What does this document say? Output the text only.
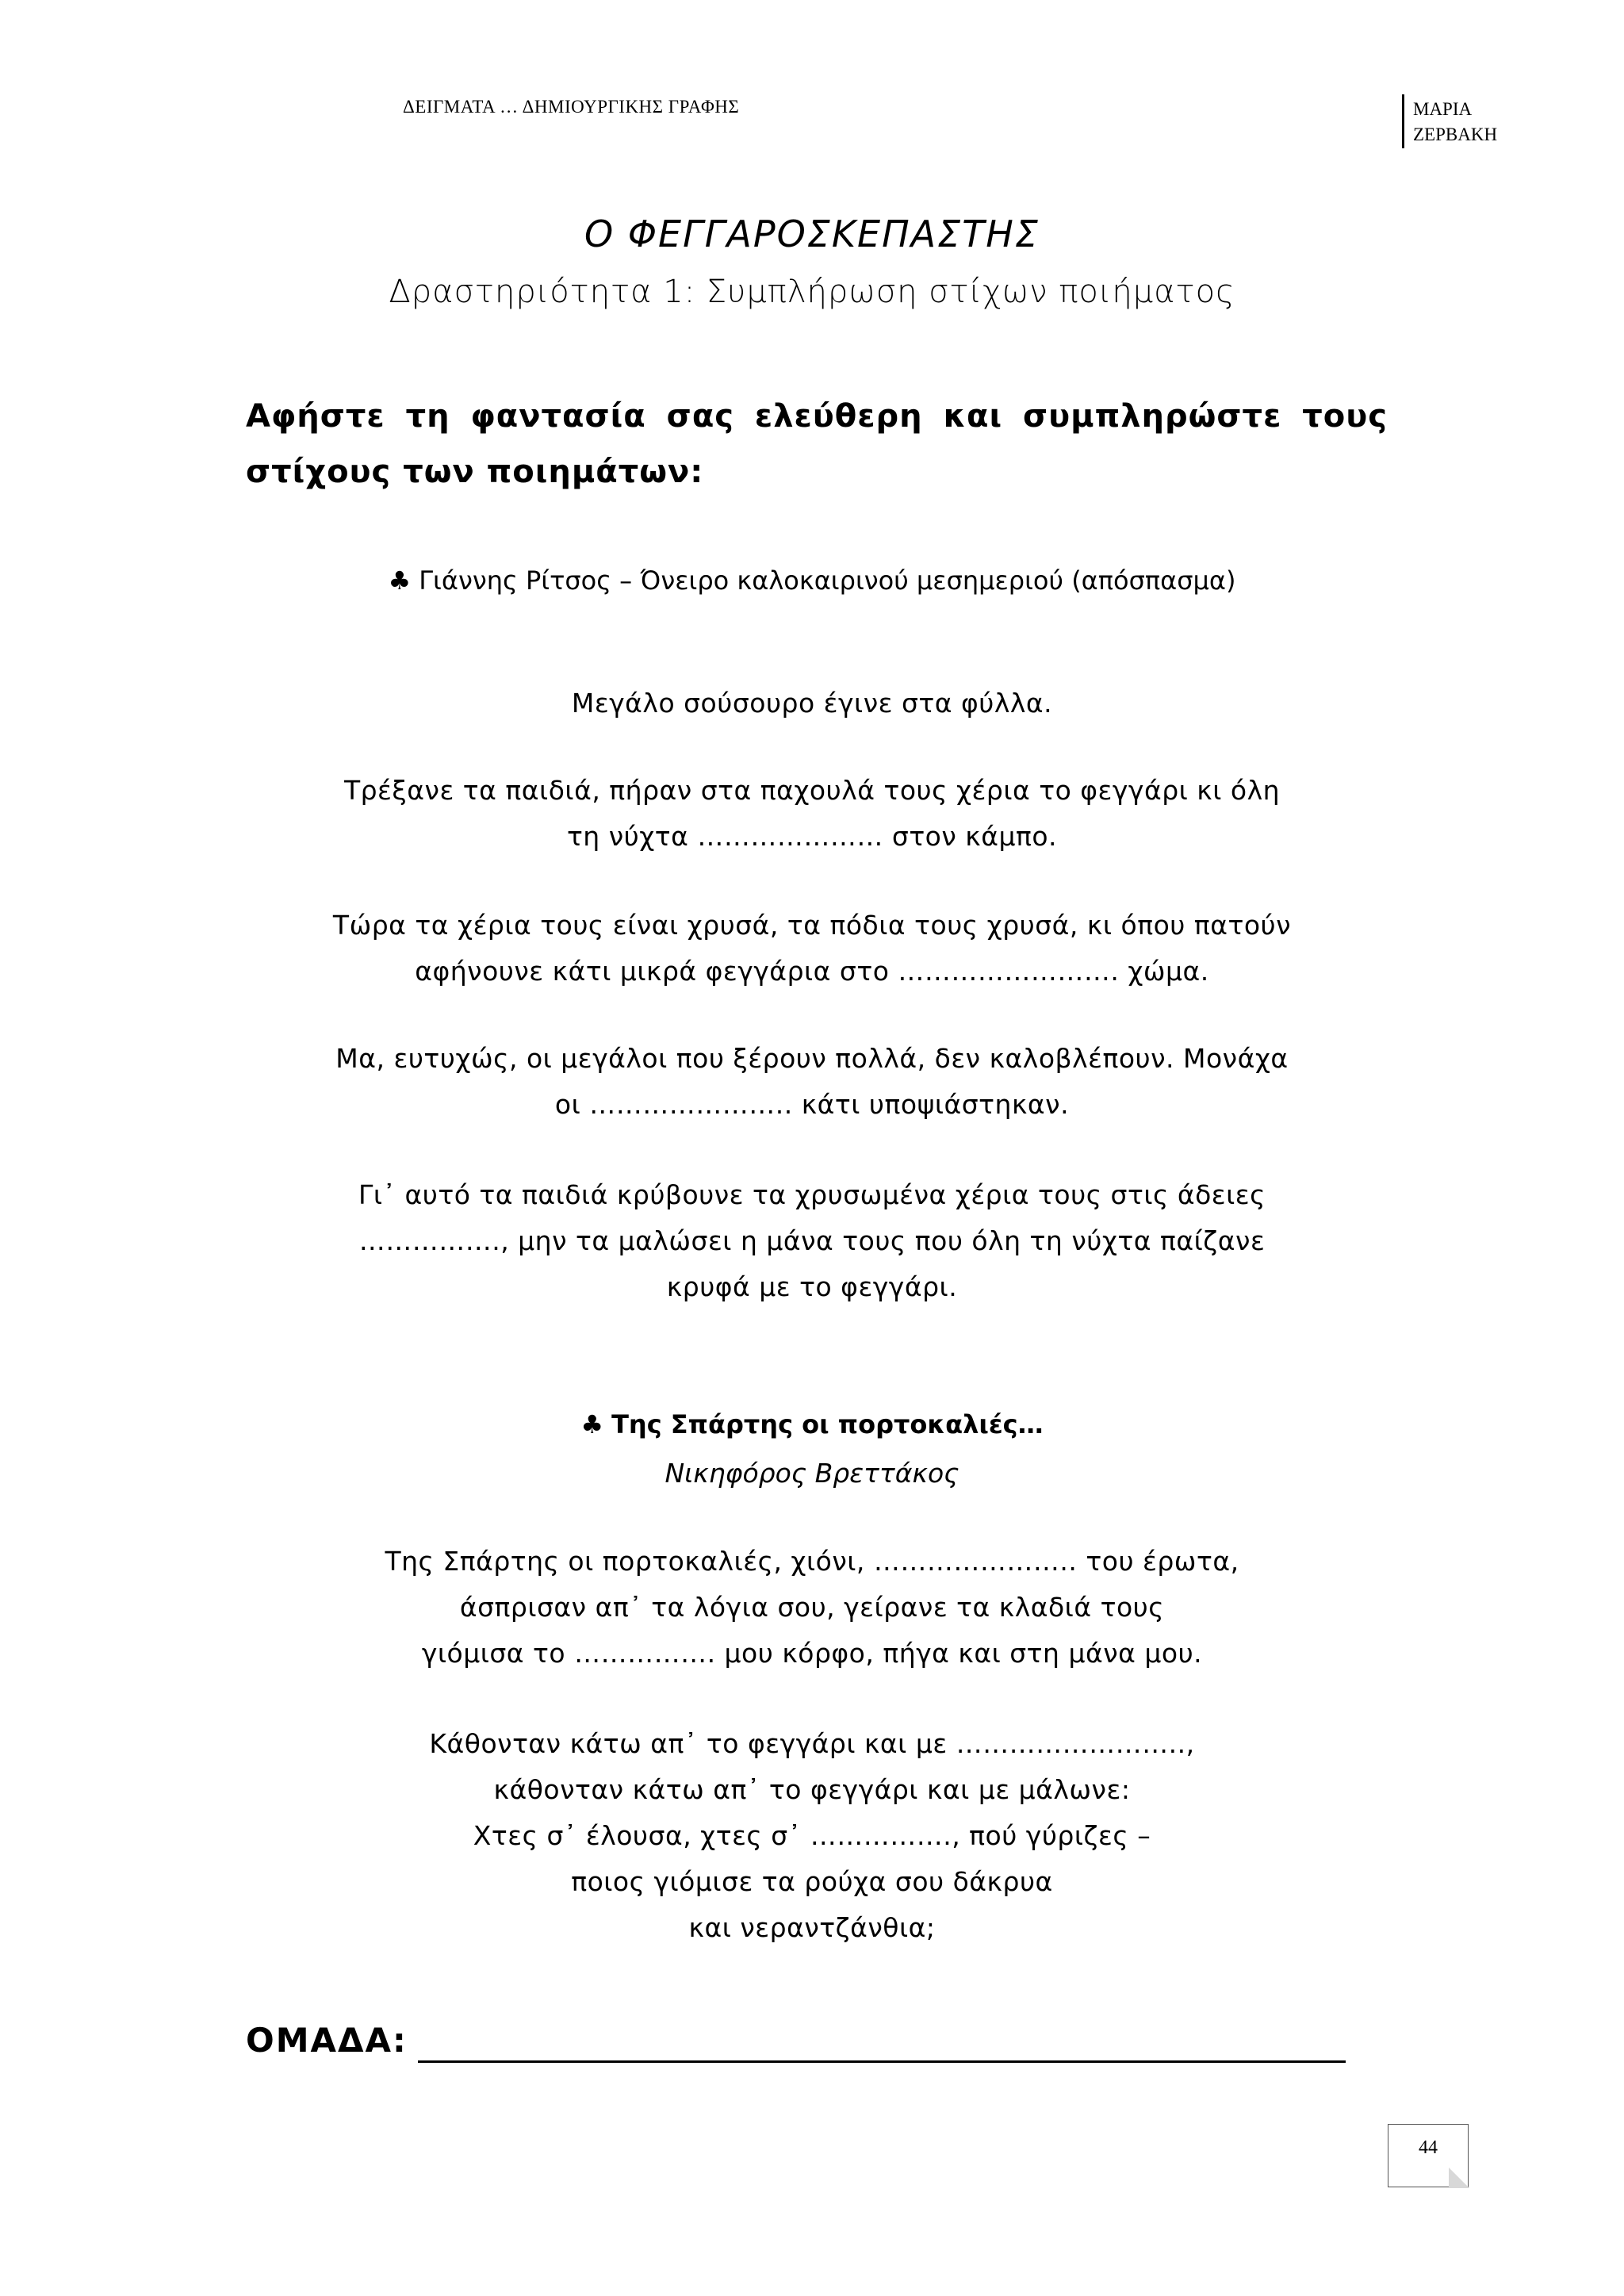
ΔΕΙΓΜΑΤΑ … ΔΗΜΙΟΥΡΓΙΚΗΣ ΓΡΑΦΗΣ	ΜΑΡΙΑ
ΖΕΡΒΑΚΗ
Ο ΦΕΓΓΑΡΟΣΚΕΠΑΣΤΗΣ
Δραστηριότητα 1: Συμπλήρωση στίχων ποιήματος
Αφήστε τη φαντασία σας ελεύθερη και συμπληρώστε τους στίχους των ποιημάτων:
♣ Γιάννης Ρίτσος – Όνειρο καλοκαιρινού μεσημεριού (απόσπασμα)
Μεγάλο σούσουρο έγινε στα φύλλα.
Τρέξανε τα παιδιά, πήραν στα παχουλά τους χέρια το φεγγάρι κι όλη
τη νύχτα ………………… στον κάμπο.
Τώρα τα χέρια τους είναι χρυσά, τα πόδια τους χρυσά, κι όπου πατούν
αφήνουνε κάτι μικρά φεγγάρια στο ……………………. χώμα.
Μα, ευτυχώς, οι μεγάλοι που ξέρουν πολλά, δεν καλοβλέπουν. Μονάχα
οι ………………….. κάτι υποψιάστηκαν.
Γι᾽ αυτό τα παιδιά κρύβουνε τα χρυσωμένα χέρια τους στις άδειες
……………., μην τα μαλώσει η μάνα τους που όλη τη νύχτα παίζανε
κρυφά με το φεγγάρι.
♣ Της Σπάρτης οι πορτοκαλιές…
Νικηφόρος Βρεττάκος
Της Σπάρτης οι πορτοκαλιές, χιόνι, ………………….. του έρωτα,
άσπρισαν απ᾽ τα λόγια σου, γείρανε τα κλαδιά τους
γιόμισα το ……………. μου κόρφο, πήγα και στη μάνα μου.
Κάθονταν κάτω απ᾽ το φεγγάρι και με ……………………..,
κάθονταν κάτω απ᾽ το φεγγάρι και με μάλωνε:
Χτες σ᾽ έλουσα, χτες σ᾽ ……………., πού γύριζες –
ποιος γιόμισε τα ρούχα σου δάκρυα
και νεραντζάνθια;
ΟΜΑΔΑ:
44
